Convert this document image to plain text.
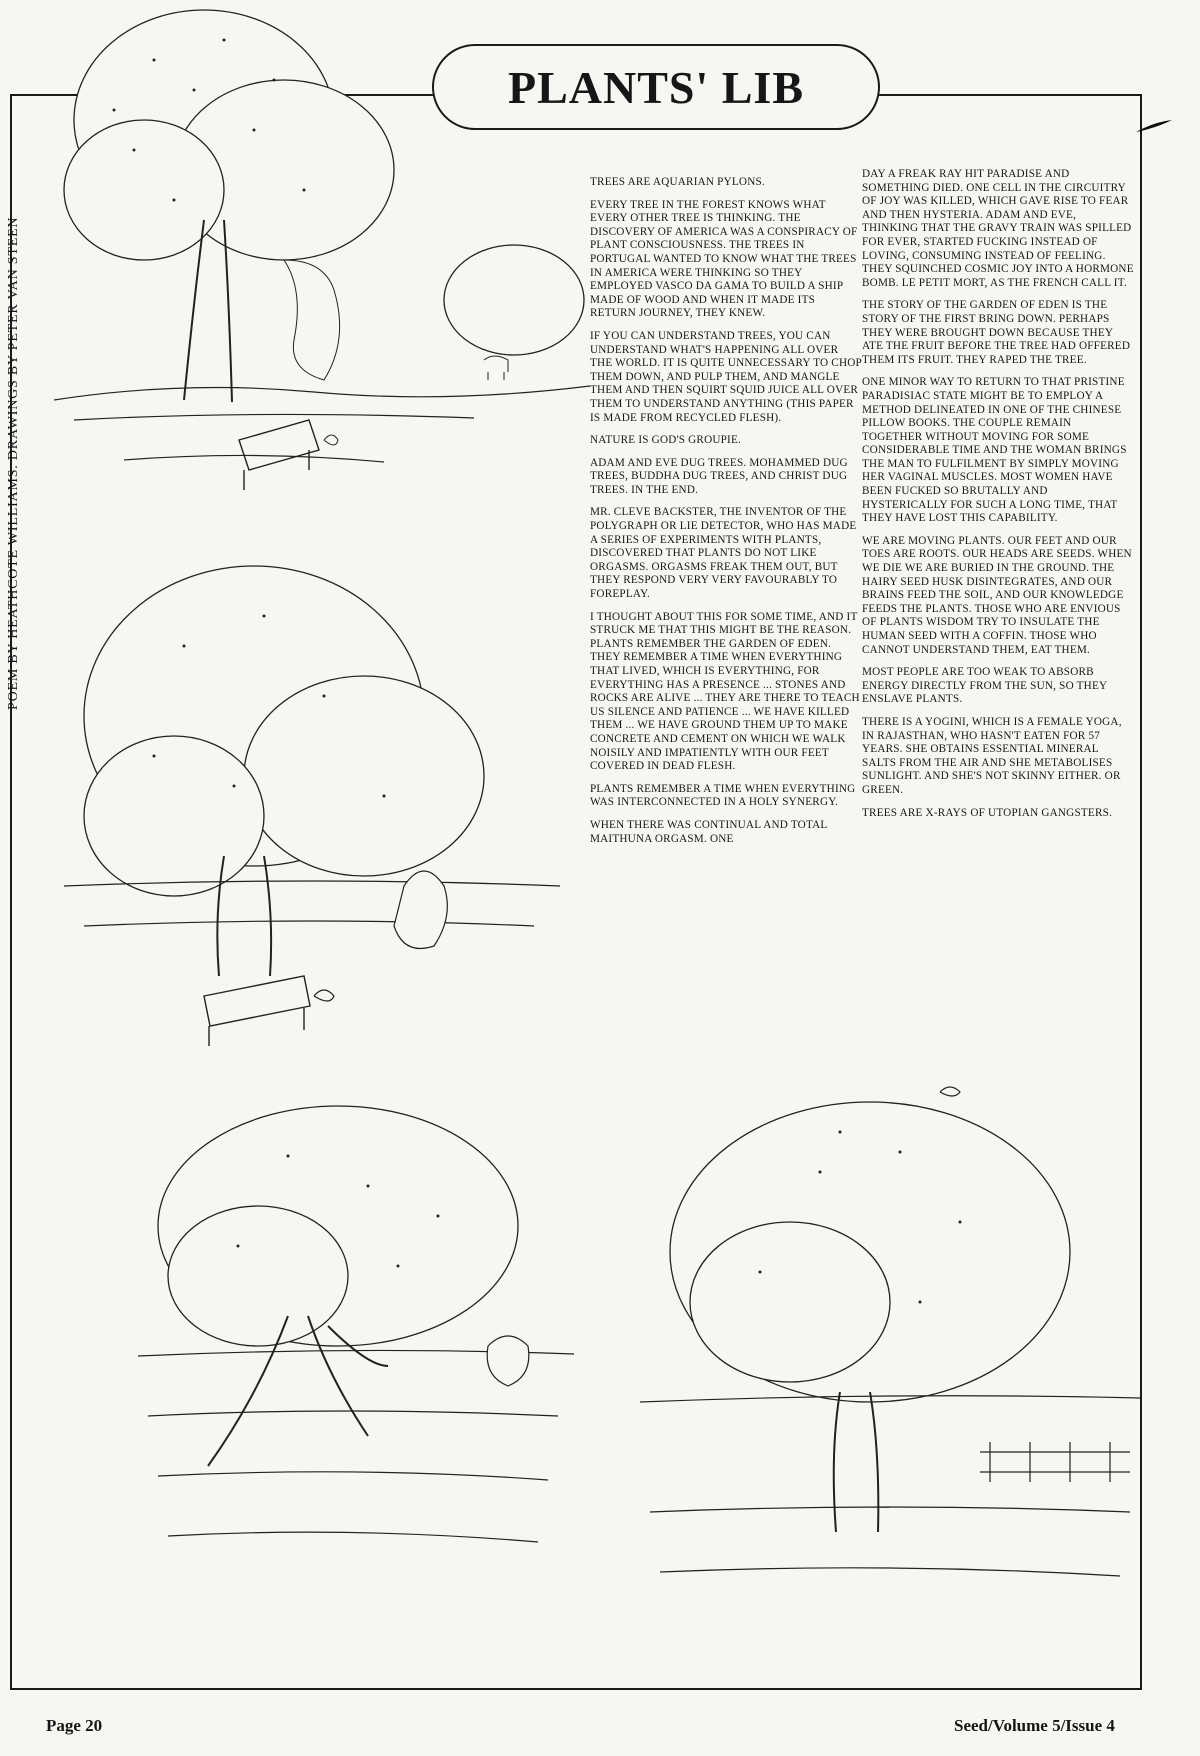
POEM BY HEATHCOTE WILLIAMS. DRAWINGS BY PETER VAN STEEN
PLANTS' LIB

TREES ARE AQUARIAN PYLONS.

EVERY TREE IN THE FOREST KNOWS WHAT EVERY OTHER TREE IS THINKING. THE DISCOVERY OF AMERICA WAS A CONSPIRACY OF PLANT CONSCIOUSNESS. THE TREES IN PORTUGAL WANTED TO KNOW WHAT THE TREES IN AMERICA WERE THINKING SO THEY EMPLOYED VASCO DA GAMA TO BUILD A SHIP MADE OF WOOD AND WHEN IT MADE ITS RETURN JOURNEY, THEY KNEW.

IF YOU CAN UNDERSTAND TREES, YOU CAN UNDERSTAND WHAT'S HAPPENING ALL OVER THE WORLD. IT IS QUITE UNNECESSARY TO CHOP THEM DOWN, AND PULP THEM, AND MANGLE THEM AND THEN SQUIRT SQUID JUICE ALL OVER THEM TO UNDERSTAND ANYTHING (THIS PAPER IS MADE FROM RECYCLED FLESH).

NATURE IS GOD'S GROUPIE.

ADAM AND EVE DUG TREES. MOHAMMED DUG TREES, BUDDHA DUG TREES, AND CHRIST DUG TREES. IN THE END.

MR. CLEVE BACKSTER, THE INVENTOR OF THE POLYGRAPH OR LIE DETECTOR, WHO HAS MADE A SERIES OF EXPERIMENTS WITH PLANTS, DISCOVERED THAT PLANTS DO NOT LIKE ORGASMS. ORGASMS FREAK THEM OUT, BUT THEY RESPOND VERY VERY FAVOURABLY TO FOREPLAY.

I THOUGHT ABOUT THIS FOR SOME TIME, AND IT STRUCK ME THAT THIS MIGHT BE THE REASON. PLANTS REMEMBER THE GARDEN OF EDEN. THEY REMEMBER A TIME WHEN EVERYTHING THAT LIVED, WHICH IS EVERYTHING, FOR EVERYTHING HAS A PRESENCE ... STONES AND ROCKS ARE ALIVE ... THEY ARE THERE TO TEACH US SILENCE AND PATIENCE ... WE HAVE KILLED THEM ... WE HAVE GROUND THEM UP TO MAKE CONCRETE AND CEMENT ON WHICH WE WALK NOISILY AND IMPATIENTLY WITH OUR FEET COVERED IN DEAD FLESH.

PLANTS REMEMBER A TIME WHEN EVERYTHING WAS INTERCONNECTED IN A HOLY SYNERGY.

WHEN THERE WAS CONTINUAL AND TOTAL MAITHUNA ORGASM. ONE

DAY A FREAK RAY HIT PARADISE AND SOMETHING DIED. ONE CELL IN THE CIRCUITRY OF JOY WAS KILLED, WHICH GAVE RISE TO FEAR AND THEN HYSTERIA. ADAM AND EVE, THINKING THAT THE GRAVY TRAIN WAS SPILLED FOR EVER, STARTED FUCKING INSTEAD OF LOVING, CONSUMING INSTEAD OF FEELING. THEY SQUINCHED COSMIC JOY INTO A HORMONE BOMB. LE PETIT MORT, AS THE FRENCH CALL IT.

THE STORY OF THE GARDEN OF EDEN IS THE STORY OF THE FIRST BRING DOWN. PERHAPS THEY WERE BROUGHT DOWN BECAUSE THEY ATE THE FRUIT BEFORE THE TREE HAD OFFERED THEM ITS FRUIT. THEY RAPED THE TREE.

ONE MINOR WAY TO RETURN TO THAT PRISTINE PARADISIAC STATE MIGHT BE TO EMPLOY A METHOD DELINEATED IN ONE OF THE CHINESE PILLOW BOOKS. THE COUPLE REMAIN TOGETHER WITHOUT MOVING FOR SOME CONSIDERABLE TIME AND THE WOMAN BRINGS THE MAN TO FULFILMENT BY SIMPLY MOVING HER VAGINAL MUSCLES. MOST WOMEN HAVE BEEN FUCKED SO BRUTALLY AND HYSTERICALLY FOR SUCH A LONG TIME, THAT THEY HAVE LOST THIS CAPABILITY.

WE ARE MOVING PLANTS. OUR FEET AND OUR TOES ARE ROOTS. OUR HEADS ARE SEEDS. WHEN WE DIE WE ARE BURIED IN THE GROUND. THE HAIRY SEED HUSK DISINTEGRATES, AND OUR BRAINS FEED THE SOIL, AND OUR KNOWLEDGE FEEDS THE PLANTS. THOSE WHO ARE ENVIOUS OF PLANTS WISDOM TRY TO INSULATE THE HUMAN SEED WITH A COFFIN. THOSE WHO CANNOT UNDERSTAND THEM, EAT THEM.

MOST PEOPLE ARE TOO WEAK TO ABSORB ENERGY DIRECTLY FROM THE SUN, SO THEY ENSLAVE PLANTS.

THERE IS A YOGINI, WHICH IS A FEMALE YOGA, IN RAJASTHAN, WHO HASN'T EATEN FOR 57 YEARS. SHE OBTAINS ESSENTIAL MINERAL SALTS FROM THE AIR AND SHE METABOLISES SUNLIGHT. AND SHE'S NOT SKINNY EITHER. OR GREEN.

TREES ARE X-RAYS OF UTOPIAN GANGSTERS.

Page 20	Seed/Volume 5/Issue 4
